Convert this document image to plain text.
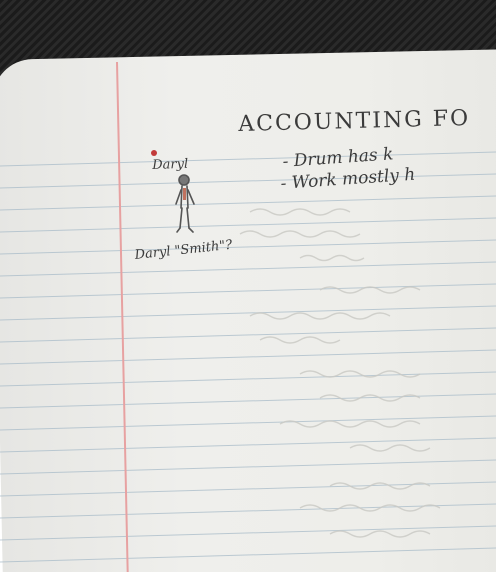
ACCOUNTING FO
- Drum has k
- Work mostly h
Daryl
Daryl "Smith"?
